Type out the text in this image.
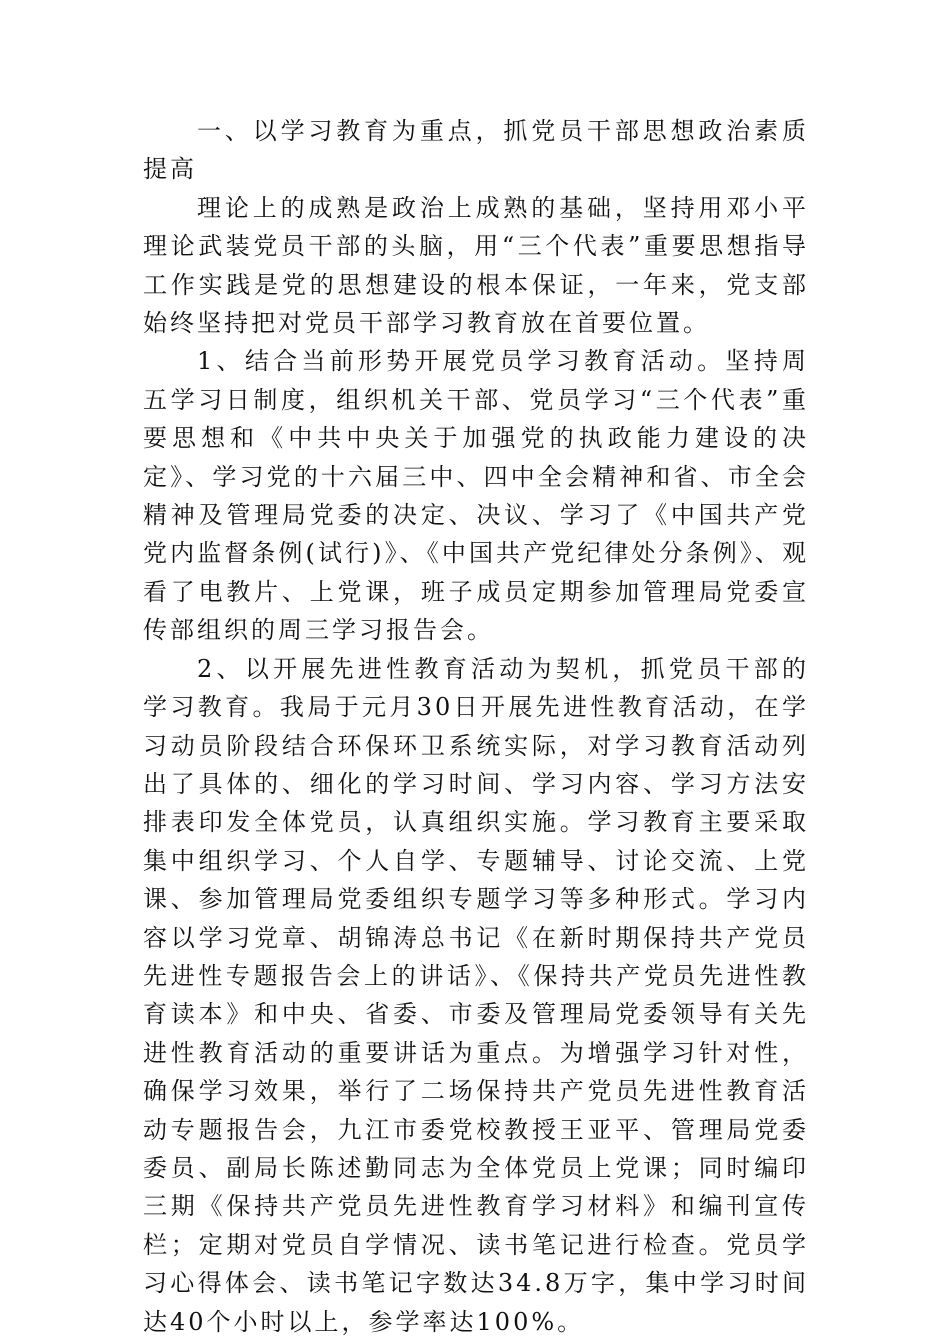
一、以学习教育为重点，抓党员干部思想政治素质提高

理论上的成熟是政治上成熟的基础，坚持用邓小平理论武装党员干部的头脑，用“三个代表”重要思想指导工作实践是党的思想建设的根本保证，一年来，党支部始终坚持把对党员干部学习教育放在首要位置。

1、结合当前形势开展党员学习教育活动。坚持周五学习日制度，组织机关干部、党员学习“三个代表”重要思想和《中共中央关于加强党的执政能力建设的决定》、学习党的十六届三中、四中全会精神和省、市全会精神及管理局党委的决定、决议、学习了《中国共产党党内监督条例(试行)》、《中国共产党纪律处分条例》、观看了电教片、上党课，班子成员定期参加管理局党委宣传部组织的周三学习报告会。

2、以开展先进性教育活动为契机，抓党员干部的学习教育。我局于元月30日开展先进性教育活动，在学习动员阶段结合环保环卫系统实际，对学习教育活动列出了具体的、细化的学习时间、学习内容、学习方法安排表印发全体党员，认真组织实施。学习教育主要采取集中组织学习、个人自学、专题辅导、讨论交流、上党课、参加管理局党委组织专题学习等多种形式。学习内容以学习党章、胡锦涛总书记《在新时期保持共产党员先进性专题报告会上的讲话》、《保持共产党员先进性教育读本》和中央、省委、市委及管理局党委领导有关先进性教育活动的重要讲话为重点。为增强学习针对性，确保学习效果，举行了二场保持共产党员先进性教育活动专题报告会，九江市委党校教授王亚平、管理局党委委员、副局长陈述勤同志为全体党员上党课；同时编印三期《保持共产党员先进性教育学习材料》和编刊宣传栏；定期对党员自学情况、读书笔记进行检查。党员学习心得体会、读书笔记字数达34.8万字，集中学习时间达40个小时以上，参学率达100%。
